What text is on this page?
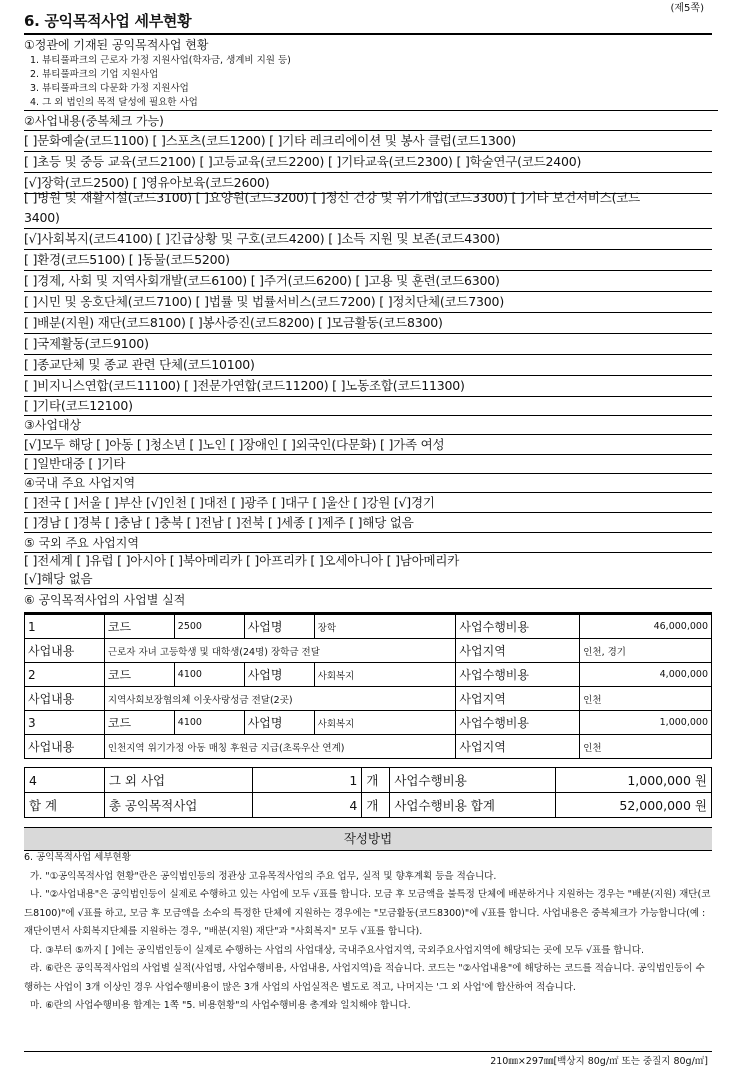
(제5쪽)
6. 공익목적사업 세부현황
①정관에 기재된 공익목적사업 현황
1. 뷰티풀파크의 근로자 가정 지원사업(학자금, 생계비 지원 등)
2. 뷰티풀파크의 기업 지원사업
3. 뷰티풀파크의 다문화 가정 지원사업
4. 그 외 법인의 목적 달성에 필요한 사업
②사업내용(중복체크 가능)
[ ]문화예술(코드1100) [ ]스포츠(코드1200) [ ]기타 레크리에이션 및 봉사 클럽(코드1300)
[ ]초등 및 중등 교육(코드2100) [ ]고등교육(코드2200) [ ]기타교육(코드2300) [ ]학술연구(코드2400)
[√]장학(코드2500) [ ]영유아보육(코드2600)
[ ]병원 및 재활시설(코드3100) [ ]요양원(코드3200) [ ]정신 건강 및 위기개입(코드3300) [ ]기타 보건서비스(코드
3400)
[√]사회복지(코드4100) [ ]긴급상황 및 구호(코드4200) [ ]소득 지원 및 보존(코드4300)
[ ]환경(코드5100) [ ]동물(코드5200)
[ ]경제, 사회 및 지역사회개발(코드6100) [ ]주거(코드6200) [ ]고용 및 훈련(코드6300)
[ ]시민 및 옹호단체(코드7100) [ ]법률 및 법률서비스(코드7200) [ ]정치단체(코드7300)
[ ]배분(지원) 재단(코드8100) [ ]봉사증진(코드8200) [ ]모금활동(코드8300)
[ ]국제활동(코드9100)
[ ]종교단체 및 종교 관련 단체(코드10100)
[ ]비지니스연합(코드11100) [ ]전문가연합(코드11200) [ ]노동조합(코드11300)
[ ]기타(코드12100)
③사업대상
[√]모두 해당 [ ]아동 [ ]청소년 [ ]노인 [ ]장애인 [ ]외국인(다문화) [ ]가족 여성
[ ]일반대중 [ ]기타
④국내 주요 사업지역
[ ]전국 [ ]서울 [ ]부산 [√]인천 [ ]대전 [ ]광주 [ ]대구 [ ]울산 [ ]강원 [√]경기
[ ]경남 [ ]경북 [ ]충남 [ ]충북 [ ]전남 [ ]전북 [ ]세종 [ ]제주 [ ]해당 없음
⑤ 국외 주요 사업지역
[ ]전세계 [ ]유럽 [ ]아시아 [ ]북아메리카 [ ]아프리카 [ ]오세아니아 [ ]남아메리카
[√]해당 없음
⑥ 공익목적사업의 사업별 실적
1	코드	2500	사업명	장학	사업수행비용	46,000,000
사업내용	근로자 자녀 고등학생 및 대학생(24명) 장학금 전달				사업지역	인천, 경기
2	코드	4100	사업명	사회복지	사업수행비용	4,000,000
사업내용	지역사회보장협의체 이웃사랑성금 전달(2곳)				사업지역	인천
3	코드	4100	사업명	사회복지	사업수행비용	1,000,000
사업내용	인천지역 위기가정 아동 매칭 후원금 지급(초록우산 연계)				사업지역	인천
4	그 외 사업	1	개	사업수행비용	1,000,000 원
합 계	총 공익목적사업	4	개	사업수행비용 합계	52,000,000 원
작성방법

6. 공익목적사업 세부현황

가. "①공익목적사업 현황"란은 공익법인등의 정관상 고유목적사업의 주요 업무, 실적 및 향후계획 등을 적습니다.

나. "②사업내용"은 공익법인등이 실제로 수행하고 있는 사업에 모두 √표를 합니다. 모금 후 모금액을 불특정 단체에 배분하거나 지원하는 경우는 "배분(지원) 재단(코드8100)"에 √표를 하고, 모금 후 모금액을 소수의 특정한 단체에 지원하는 경우에는 "모금활동(코드8300)"에 √표를 합니다. 사업내용은 중복체크가 가능합니다(예 : 재단이면서 사회복지단체를 지원하는 경우, "배분(지원) 재단"과 "사회복지" 모두 √표를 합니다).

다. ③부터 ⑤까지 [ ]에는 공익법인등이 실제로 수행하는 사업의 사업대상, 국내주요사업지역, 국외주요사업지역에 해당되는 곳에 모두 √표를 합니다.

라. ⑥란은 공익목적사업의 사업별 실적(사업명, 사업수행비용, 사업내용, 사업지역)을 적습니다. 코드는 "②사업내용"에 해당하는 코드를 적습니다. 공익법인등이 수행하는 사업이 3개 이상인 경우 사업수행비용이 많은 3개 사업의 사업실적은 별도로 적고, 나머지는 '그 외 사업'에 합산하여 적습니다.

마. ⑥란의 사업수행비용 합계는 1쪽 "5. 비용현황"의 사업수행비용 총계와 일치해야 합니다.

210㎜×297㎜[백상지 80g/㎡ 또는 중질지 80g/㎡]
